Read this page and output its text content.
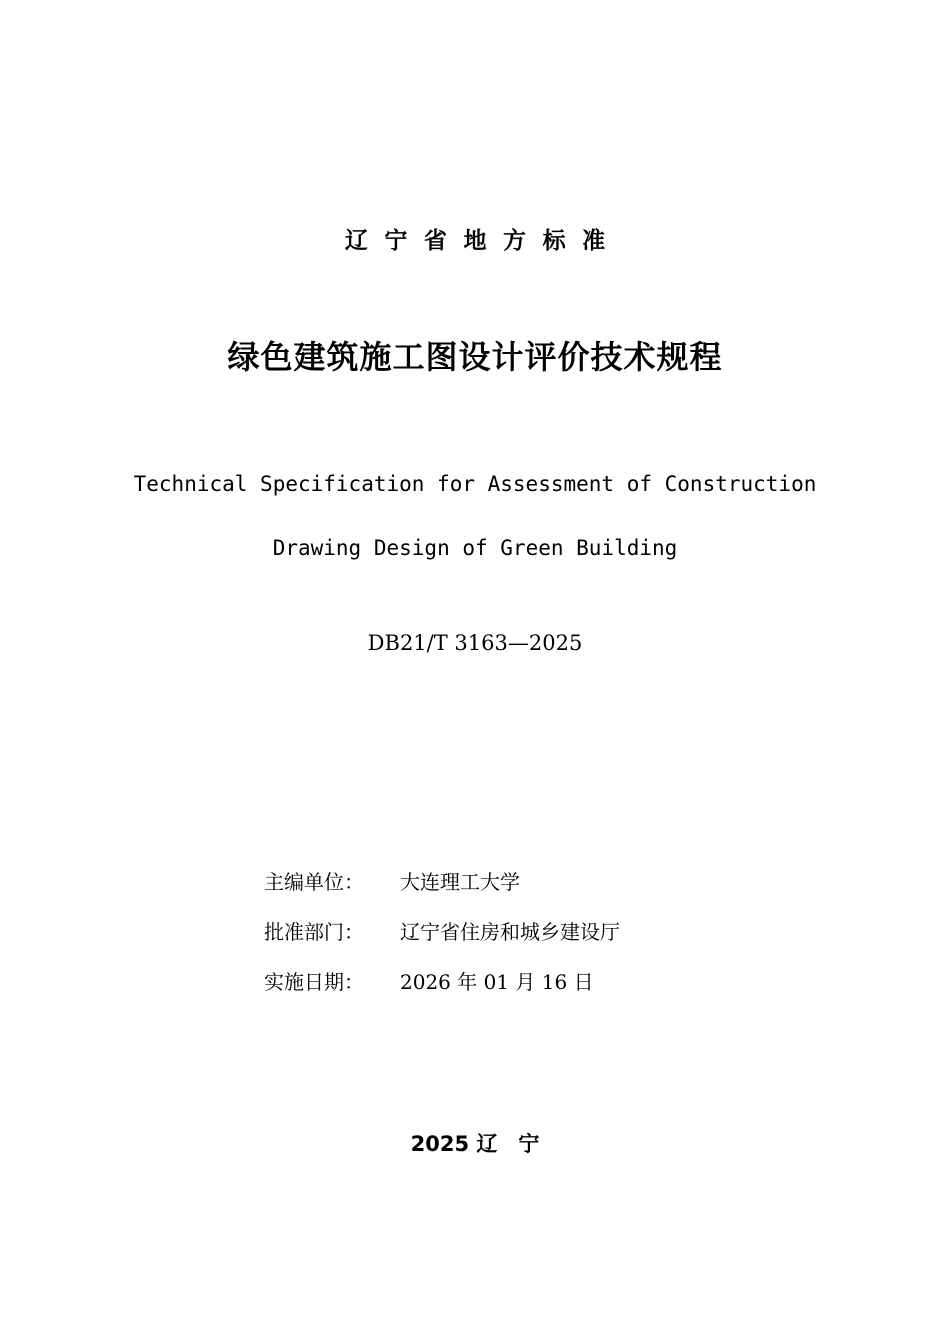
辽宁省地方标准
绿色建筑施工图设计评价技术规程
Technical Specification for Assessment of Construction
Drawing Design of Green Building
DB21/T 3163—2025
主编单位：	大连理工大学
批准部门：	辽宁省住房和城乡建设厅
实施日期：	2026 年 01 月 16 日
2025 辽　宁
